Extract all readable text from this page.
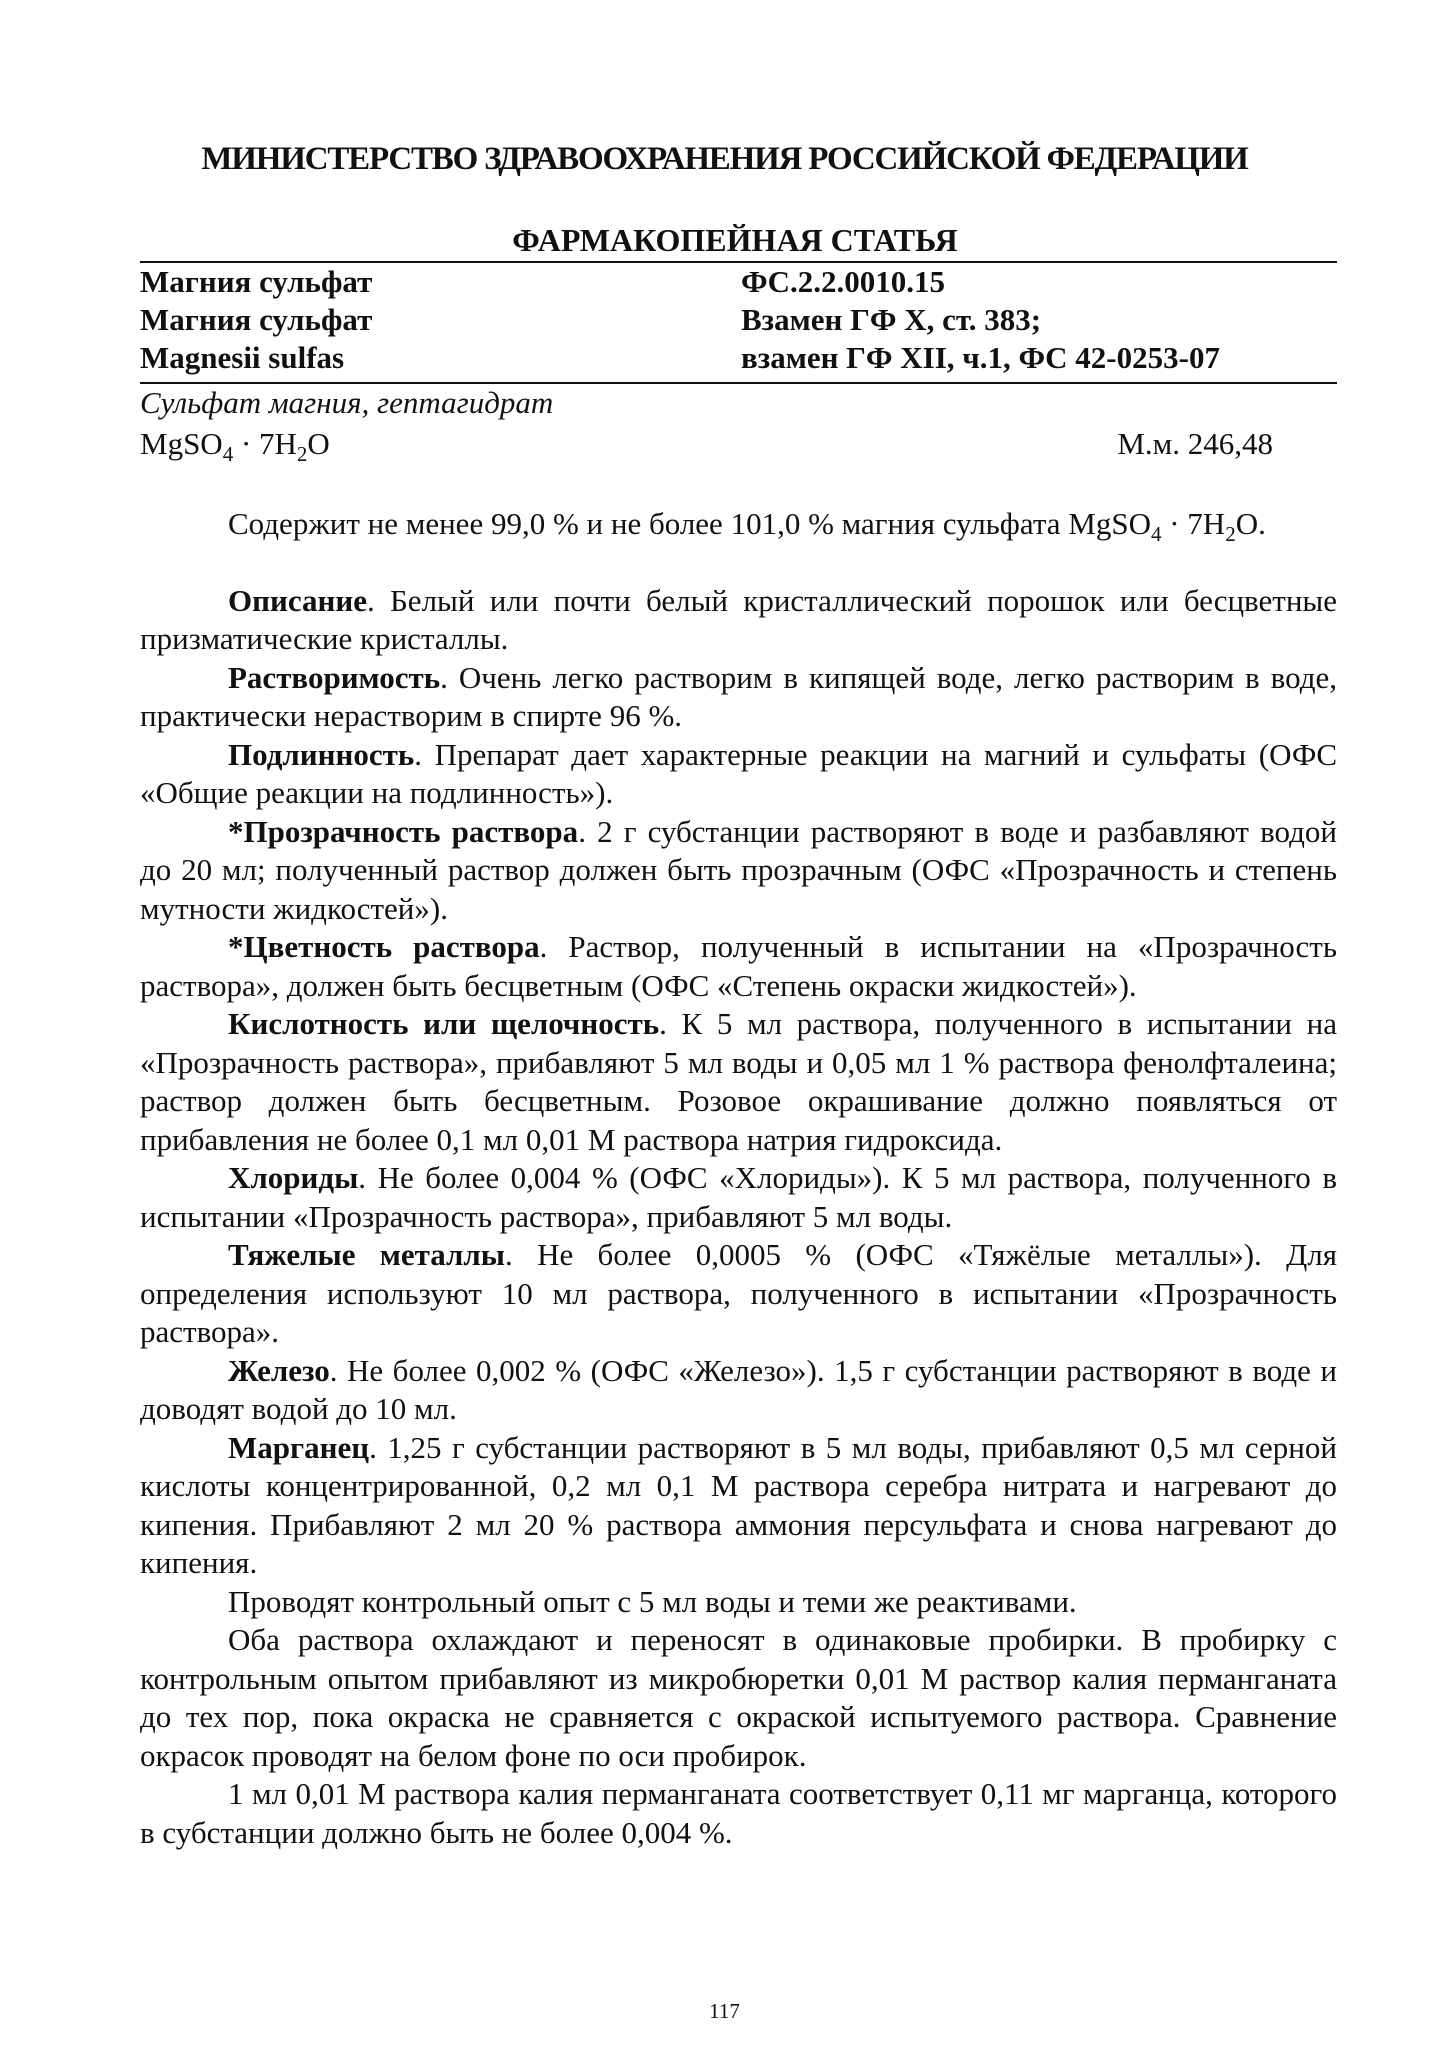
МИНИСТЕРСТВО ЗДРАВООХРАНЕНИЯ РОССИЙСКОЙ ФЕДЕРАЦИИ
ФАРМАКОПЕЙНАЯ СТАТЬЯ
Магния сульфат
Магния сульфат
Magnesii sulfas
ФС.2.2.0010.15
Взамен ГФ X, ст. 383;
взамен ГФ XII, ч.1, ФС 42-0253-07
Сульфат магния, гептагидрат
MgSO$_4$ · $7H_2O$	М.м. 246,48

Содержит не менее 99,0 % и не более 101,0 % магния сульфата MgSO$_4$ · $7H_2O$.

Описание. Белый или почти белый кристаллический порошок или бесцветные призматические кристаллы.

Растворимость. Очень легко растворим в кипящей воде, легко растворим в воде, практически нерастворим в спирте 96 %.

Подлинность. Препарат дает характерные реакции на магний и сульфаты (ОФС «Общие реакции на подлинность»).

*Прозрачность раствора. 2 г субстанции растворяют в воде и разбавляют водой до 20 мл; полученный раствор должен быть прозрачным (ОФС «Прозрачность и степень мутности жидкостей»).

*Цветность раствора. Раствор, полученный в испытании на «Прозрачность раствора», должен быть бесцветным (ОФС «Степень окраски жидкостей»).

Кислотность или щелочность. К 5 мл раствора, полученного в испытании на «Прозрачность раствора», прибавляют 5 мл воды и 0,05 мл 1 % раствора фенолфталеина; раствор должен быть бесцветным. Розовое окрашивание должно появляться от прибавления не более 0,1 мл 0,01 М раствора натрия гидроксида.

Хлориды. Не более 0,004 % (ОФС «Хлориды»). К 5 мл раствора, полученного в испытании «Прозрачность раствора», прибавляют 5 мл воды.

Тяжелые металлы. Не более 0,0005 % (ОФС «Тяжёлые металлы»). Для определения используют 10 мл раствора, полученного в испытании «Прозрачность раствора».

Железо. Не более 0,002 % (ОФС «Железо»). 1,5 г субстанции растворяют в воде и доводят водой до 10 мл.

Марганец. 1,25 г субстанции растворяют в 5 мл воды, прибавляют 0,5 мл серной кислоты концентрированной, 0,2 мл 0,1 М раствора серебра нитрата и нагревают до кипения. Прибавляют 2 мл 20 % раствора аммония персульфата и снова нагревают до кипения.

Проводят контрольный опыт с 5 мл воды и теми же реактивами.

Оба раствора охлаждают и переносят в одинаковые пробирки. В пробирку с контрольным опытом прибавляют из микробюретки 0,01 М раствор калия перманганата до тех пор, пока окраска не сравняется с окраской испытуемого раствора. Сравнение окрасок проводят на белом фоне по оси пробирок.

1 мл 0,01 М раствора калия перманганата соответствует 0,11 мг марганца, которого в субстанции должно быть не более 0,004 %.

117
